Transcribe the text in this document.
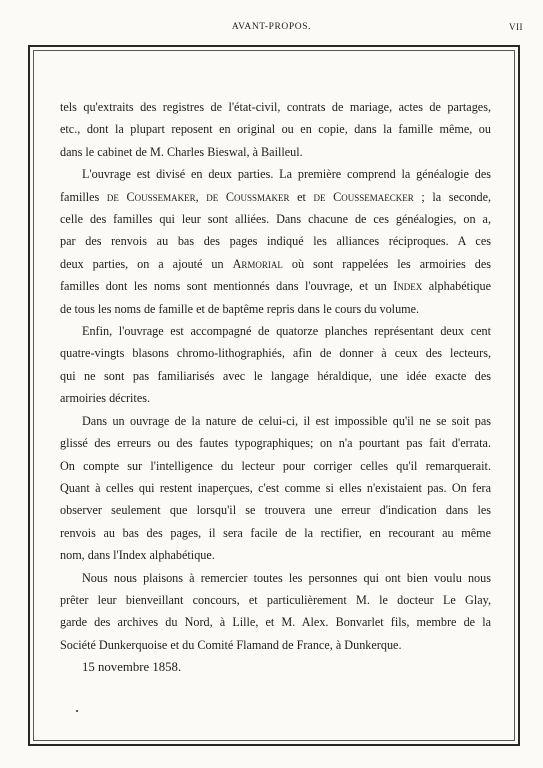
AVANT-PROPOS.	VII
tels qu'extraits des registres de l'état-civil, contrats de mariage, actes de partages,
etc., dont la plupart reposent en original ou en copie, dans la famille même, ou
dans le cabinet de M. Charles Bieswal, à Bailleul.
L'ouvrage est divisé en deux parties. La première comprend la généalogie des
familles de Coussemaker, de Coussmaker et de Coussemaecker ; la seconde,
celle des familles qui leur sont alliées. Dans chacune de ces généalogies, on a,
par des renvois au bas des pages indiqué les alliances réciproques. A ces
deux parties, on a ajouté un Armorial où sont rappelées les armoiries des
familles dont les noms sont mentionnés dans l'ouvrage, et un Index alphabétique
de tous les noms de famille et de baptême repris dans le cours du volume.
Enfin, l'ouvrage est accompagné de quatorze planches représentant deux cent
quatre-vingts blasons chromo-lithographiés, afin de donner à ceux des lecteurs,
qui ne sont pas familiarisés avec le langage héraldique, une idée exacte des
armoiries décrites.
Dans un ouvrage de la nature de celui-ci, il est impossible qu'il ne se soit pas
glissé des erreurs ou des fautes typographiques; on n'a pourtant pas fait d'errata.
On compte sur l'intelligence du lecteur pour corriger celles qu'il remarquerait.
Quant à celles qui restent inaperçues, c'est comme si elles n'existaient pas. On fera
observer seulement que lorsqu'il se trouvera une erreur d'indication dans les
renvois au bas des pages, il sera facile de la rectifier, en recourant au même
nom, dans l'Index alphabétique.
Nous nous plaisons à remercier toutes les personnes qui ont bien voulu nous
prêter leur bienveillant concours, et particulièrement M. le docteur Le Glay,
garde des archives du Nord, à Lille, et M. Alex. Bonvarlet fils, membre de la
Société Dunkerquoise et du Comité Flamand de France, à Dunkerque.
15 novembre 1858.
